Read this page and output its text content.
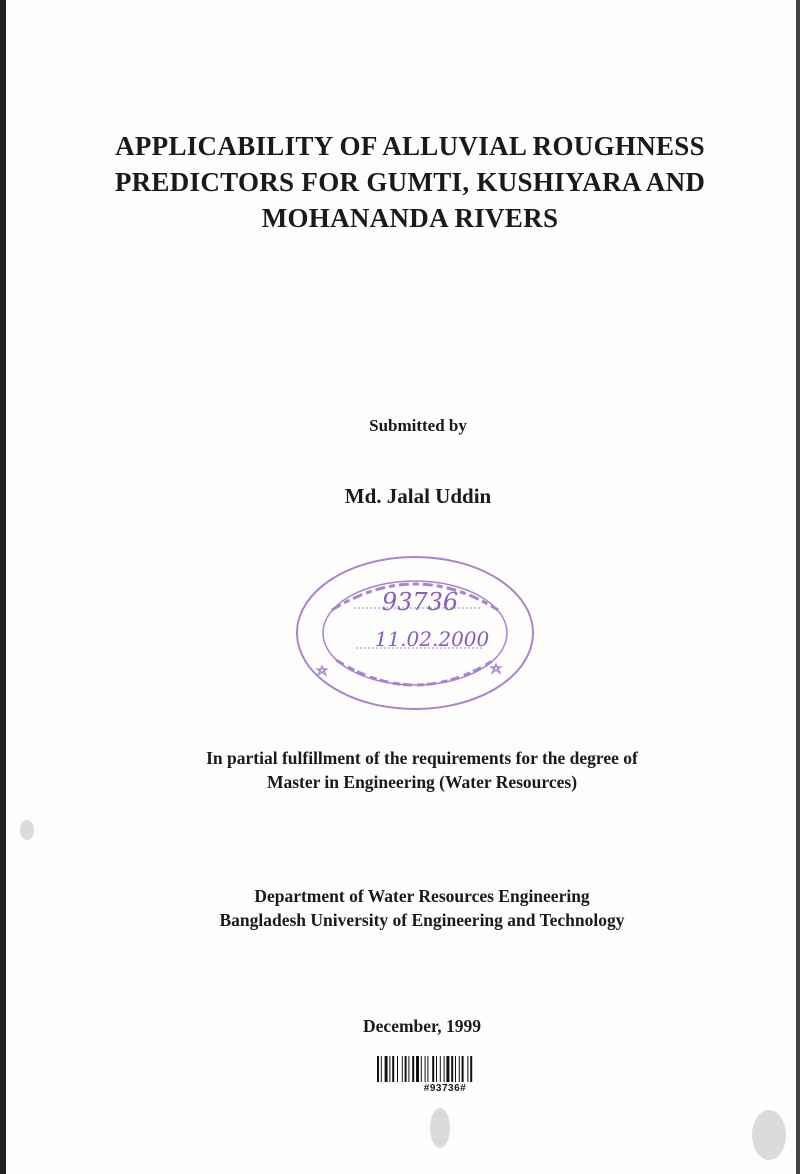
APPLICABILITY OF ALLUVIAL ROUGHNESS
PREDICTORS FOR GUMTI, KUSHIYARA AND
MOHANANDA RIVERS
Submitted by
Md. Jalal Uddin
93736
11.02.2000
In partial fulfillment of the requirements for the degree of
Master in Engineering (Water Resources)
Department of Water Resources Engineering
Bangladesh University of Engineering and Technology
December, 1999
#93736#
